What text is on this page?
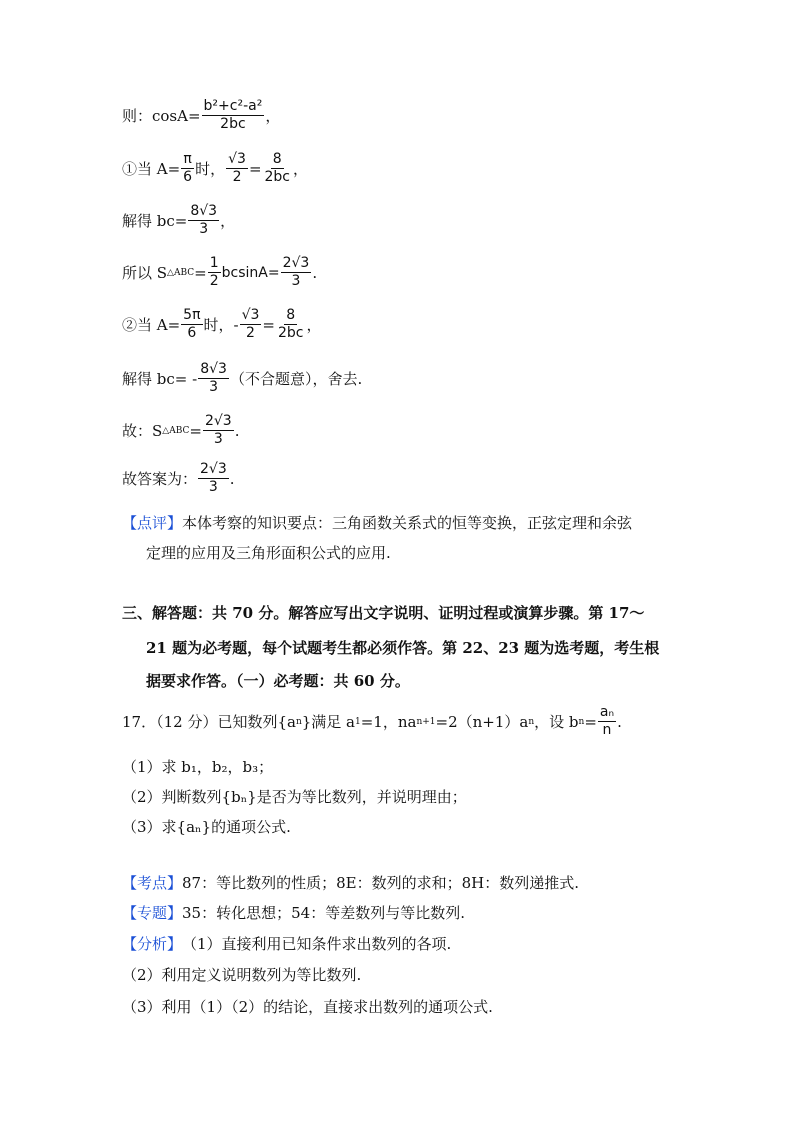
则：$\cos A= \frac{\text{b²+c²-a²}}{2bc}$ ，
①当 $A= \frac{\pi}{6}$ 时， $\frac{√3}{2} = \frac{8}{2bc}$ ，
解得 $bc= \frac{8√3}{3}$ ，
所以 S △ABC = $\frac{1}{2} bcsinA= \frac{2√3}{3}$ .
②当 $A= \frac{5\pi}{6}$ 时，- $\frac{√3}{2} = \frac{8}{2bc}$ ，
解得 bc= -
8√3
3 （不合题意），舍去.
故：S △ABC = $\frac{2√3}{3}$ .
故答案为：
2√3
3 .
【点评】 本体考察的知识要点：三角函数关系式的恒等变换，正弦定理和余弦
定理的应用及三角形面积公式的应用.
三、解答题：共 70 分。解答应写出文字说明、证明过程或演算步骤。第 17～
21 题为必考题，每个试题考生都必须作答。第 22、23 题为选考题，考生根
据要求作答。（一）必考题：共 60 分。
17．（12 分）已知数列{a n }满足 a 1 =1，na n+1 =2（n+1）a n ，设 b $n = \frac{\text{aₙ}}{n}$ .
（1）求 b₁，b₂，b₃；
（2）判断数列{bₙ}是否为等比数列，并说明理由；
（3）求{aₙ}的通项公式.
【考点】 87：等比数列的性质；8E：数列的求和；8H：数列递推式.
【专题】 35：转化思想；54：等差数列与等比数列.
【分析】 （1）直接利用已知条件求出数列的各项.
（2）利用定义说明数列为等比数列.
（3）利用（1）（2）的结论，直接求出数列的通项公式.
